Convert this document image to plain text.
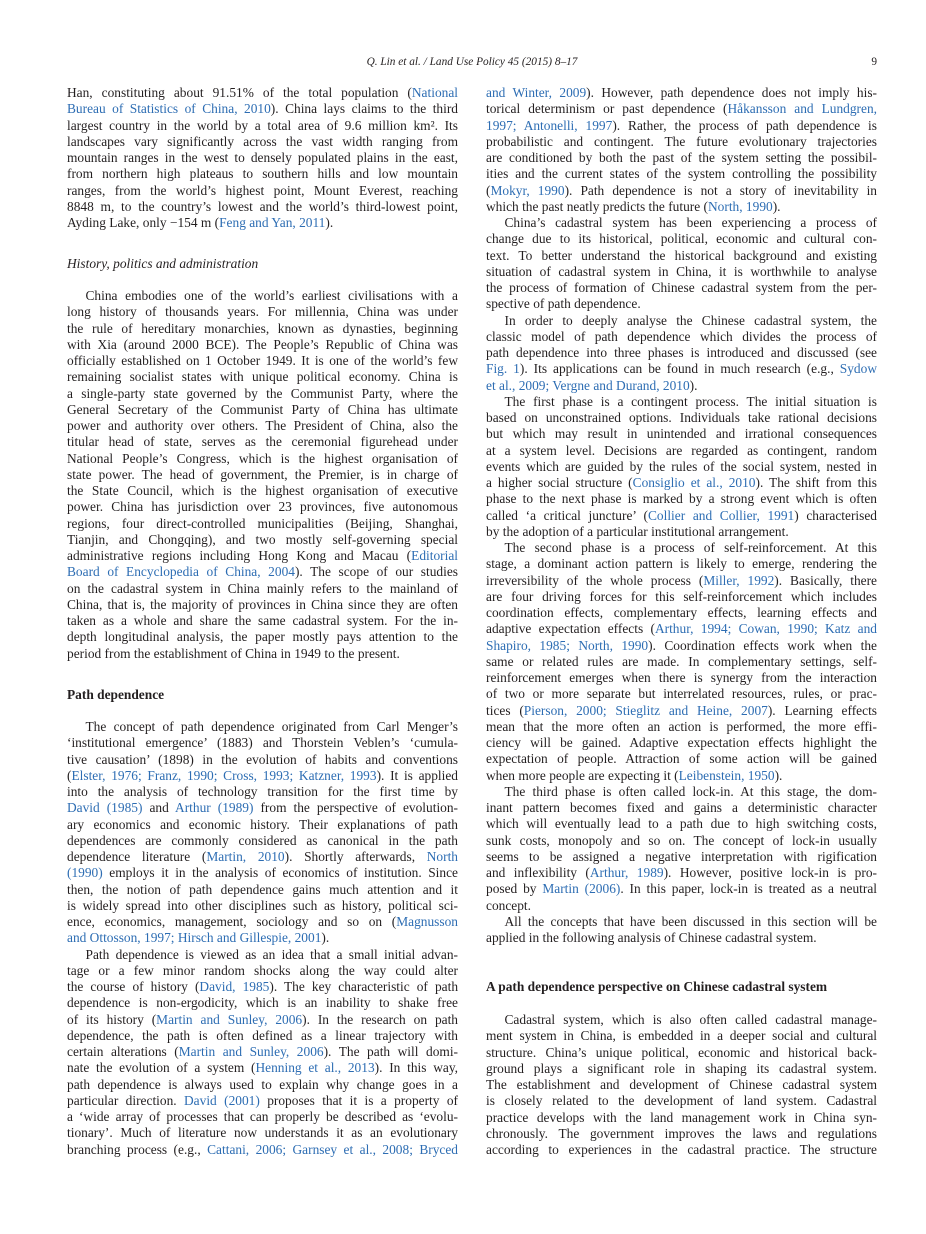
Q. Lin et al. / Land Use Policy 45 (2015) 8–17	9
Han, constituting about 91.51% of the total population (National
Bureau of Statistics of China, 2010). China lays claims to the third
largest country in the world by a total area of 9.6 million km². Its
landscapes vary significantly across the vast width ranging from
mountain ranges in the west to densely populated plains in the east,
from northern high plateaus to southern hills and low mountain
ranges, from the world’s highest point, Mount Everest, reaching
8848 m, to the country’s lowest and the world’s third-lowest point,
Ayding Lake, only −154 m (Feng and Yan, 2011).
History, politics and administration
China embodies one of the world’s earliest civilisations with a
long history of thousands years. For millennia, China was under
the rule of hereditary monarchies, known as dynasties, beginning
with Xia (around 2000 BCE). The People’s Republic of China was
officially established on 1 October 1949. It is one of the world’s few
remaining socialist states with unique political economy. China is
a single-party state governed by the Communist Party, where the
General Secretary of the Communist Party of China has ultimate
power and authority over others. The President of China, also the
titular head of state, serves as the ceremonial figurehead under
National People’s Congress, which is the highest organisation of
state power. The head of government, the Premier, is in charge of
the State Council, which is the highest organisation of executive
power. China has jurisdiction over 23 provinces, five autonomous
regions, four direct-controlled municipalities (Beijing, Shanghai,
Tianjin, and Chongqing), and two mostly self-governing special
administrative regions including Hong Kong and Macau (Editorial
Board of Encyclopedia of China, 2004). The scope of our studies
on the cadastral system in China mainly refers to the mainland of
China, that is, the majority of provinces in China since they are often
taken as a whole and share the same cadastral system. For the in-
depth longitudinal analysis, the paper mostly pays attention to the
period from the establishment of China in 1949 to the present.
Path dependence
The concept of path dependence originated from Carl Menger’s
‘institutional emergence’ (1883) and Thorstein Veblen’s ‘cumula-
tive causation’ (1898) in the evolution of habits and conventions
(Elster, 1976; Franz, 1990; Cross, 1993; Katzner, 1993). It is applied
into the analysis of technology transition for the first time by
David (1985) and Arthur (1989) from the perspective of evolution-
ary economics and economic history. Their explanations of path
dependences are commonly considered as canonical in the path
dependence literature (Martin, 2010). Shortly afterwards, North
(1990) employs it in the analysis of economics of institution. Since
then, the notion of path dependence gains much attention and it
is widely spread into other disciplines such as history, political sci-
ence, economics, management, sociology and so on (Magnusson
and Ottosson, 1997; Hirsch and Gillespie, 2001).
Path dependence is viewed as an idea that a small initial advan-
tage or a few minor random shocks along the way could alter
the course of history (David, 1985). The key characteristic of path
dependence is non-ergodicity, which is an inability to shake free
of its history (Martin and Sunley, 2006). In the research on path
dependence, the path is often defined as a linear trajectory with
certain alterations (Martin and Sunley, 2006). The path will domi-
nate the evolution of a system (Henning et al., 2013). In this way,
path dependence is always used to explain why change goes in a
particular direction. David (2001) proposes that it is a property of
a ‘wide array of processes that can properly be described as ‘evolu-
tionary’. Much of literature now understands it as an evolutionary
branching process (e.g., Cattani, 2006; Garnsey et al., 2008; Bryced
and Winter, 2009). However, path dependence does not imply his-
torical determinism or past dependence (Håkansson and Lundgren,
1997; Antonelli, 1997). Rather, the process of path dependence is
probabilistic and contingent. The future evolutionary trajectories
are conditioned by both the past of the system setting the possibil-
ities and the current states of the system controlling the possibility
(Mokyr, 1990). Path dependence is not a story of inevitability in
which the past neatly predicts the future (North, 1990).
China’s cadastral system has been experiencing a process of
change due to its historical, political, economic and cultural con-
text. To better understand the historical background and existing
situation of cadastral system in China, it is worthwhile to analyse
the process of formation of Chinese cadastral system from the per-
spective of path dependence.
In order to deeply analyse the Chinese cadastral system, the
classic model of path dependence which divides the process of
path dependence into three phases is introduced and discussed (see
Fig. 1). Its applications can be found in much research (e.g., Sydow
et al., 2009; Vergne and Durand, 2010).
The first phase is a contingent process. The initial situation is
based on unconstrained options. Individuals take rational decisions
but which may result in unintended and irrational consequences
at a system level. Decisions are regarded as contingent, random
events which are guided by the rules of the social system, nested in
a higher social structure (Consiglio et al., 2010). The shift from this
phase to the next phase is marked by a strong event which is often
called ‘a critical juncture’ (Collier and Collier, 1991) characterised
by the adoption of a particular institutional arrangement.
The second phase is a process of self-reinforcement. At this
stage, a dominant action pattern is likely to emerge, rendering the
irreversibility of the whole process (Miller, 1992). Basically, there
are four driving forces for this self-reinforcement which includes
coordination effects, complementary effects, learning effects and
adaptive expectation effects (Arthur, 1994; Cowan, 1990; Katz and
Shapiro, 1985; North, 1990). Coordination effects work when the
same or related rules are made. In complementary settings, self-
reinforcement emerges when there is synergy from the interaction
of two or more separate but interrelated resources, rules, or prac-
tices (Pierson, 2000; Stieglitz and Heine, 2007). Learning effects
mean that the more often an action is performed, the more effi-
ciency will be gained. Adaptive expectation effects highlight the
expectation of people. Attraction of some action will be gained
when more people are expecting it (Leibenstein, 1950).
The third phase is often called lock-in. At this stage, the dom-
inant pattern becomes fixed and gains a deterministic character
which will eventually lead to a path due to high switching costs,
sunk costs, monopoly and so on. The concept of lock-in usually
seems to be assigned a negative interpretation with rigification
and inflexibility (Arthur, 1989). However, positive lock-in is pro-
posed by Martin (2006). In this paper, lock-in is treated as a neutral
concept.
All the concepts that have been discussed in this section will be
applied in the following analysis of Chinese cadastral system.
A path dependence perspective on Chinese cadastral system
Cadastral system, which is also often called cadastral manage-
ment system in China, is embedded in a deeper social and cultural
structure. China’s unique political, economic and historical back-
ground plays a significant role in shaping its cadastral system.
The establishment and development of Chinese cadastral system
is closely related to the development of land system. Cadastral
practice develops with the land management work in China syn-
chronously. The government improves the laws and regulations
according to experiences in the cadastral practice. The structure
